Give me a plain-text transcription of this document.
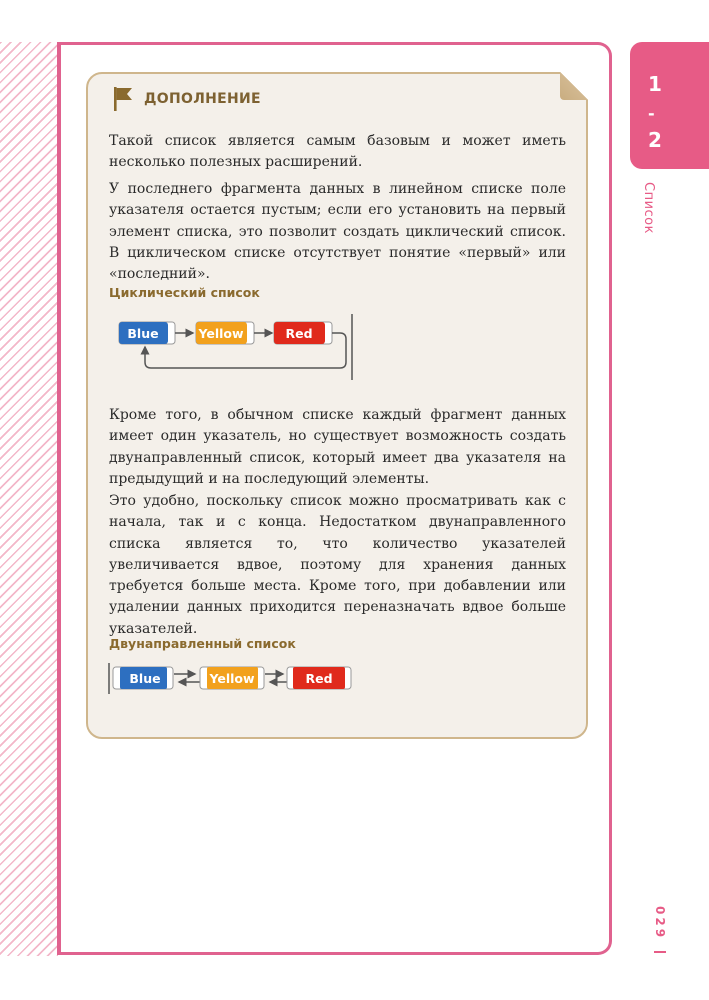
1
-
2
Список
029
ДОПОЛНЕНИЕ

Такой список является самым базовым и может иметь несколько полезных расширений.

У последнего фрагмента данных в линейном списке поле указателя остается пустым; если его установить на первый элемент списка, это позволит создать циклический список. В циклическом списке отсутствует понятие «первый» или «последний».

Циклический список
Blue	Yellow	Red

Кроме того, в обычном списке каждый фрагмент данных имеет один указатель, но существует возможность создать двунаправленный список, который имеет два указателя на предыдущий и на последующий элементы.

Это удобно, поскольку список можно просматривать как с начала, так и с конца. Недостатком двунаправленного списка является то, что количество указателей увеличивается вдвое, поэтому для хранения данных требуется больше места. Кроме того, при добавлении или удалении данных приходится переназначать вдвое больше указателей.

Двунаправленный список
Blue	Yellow	Red
